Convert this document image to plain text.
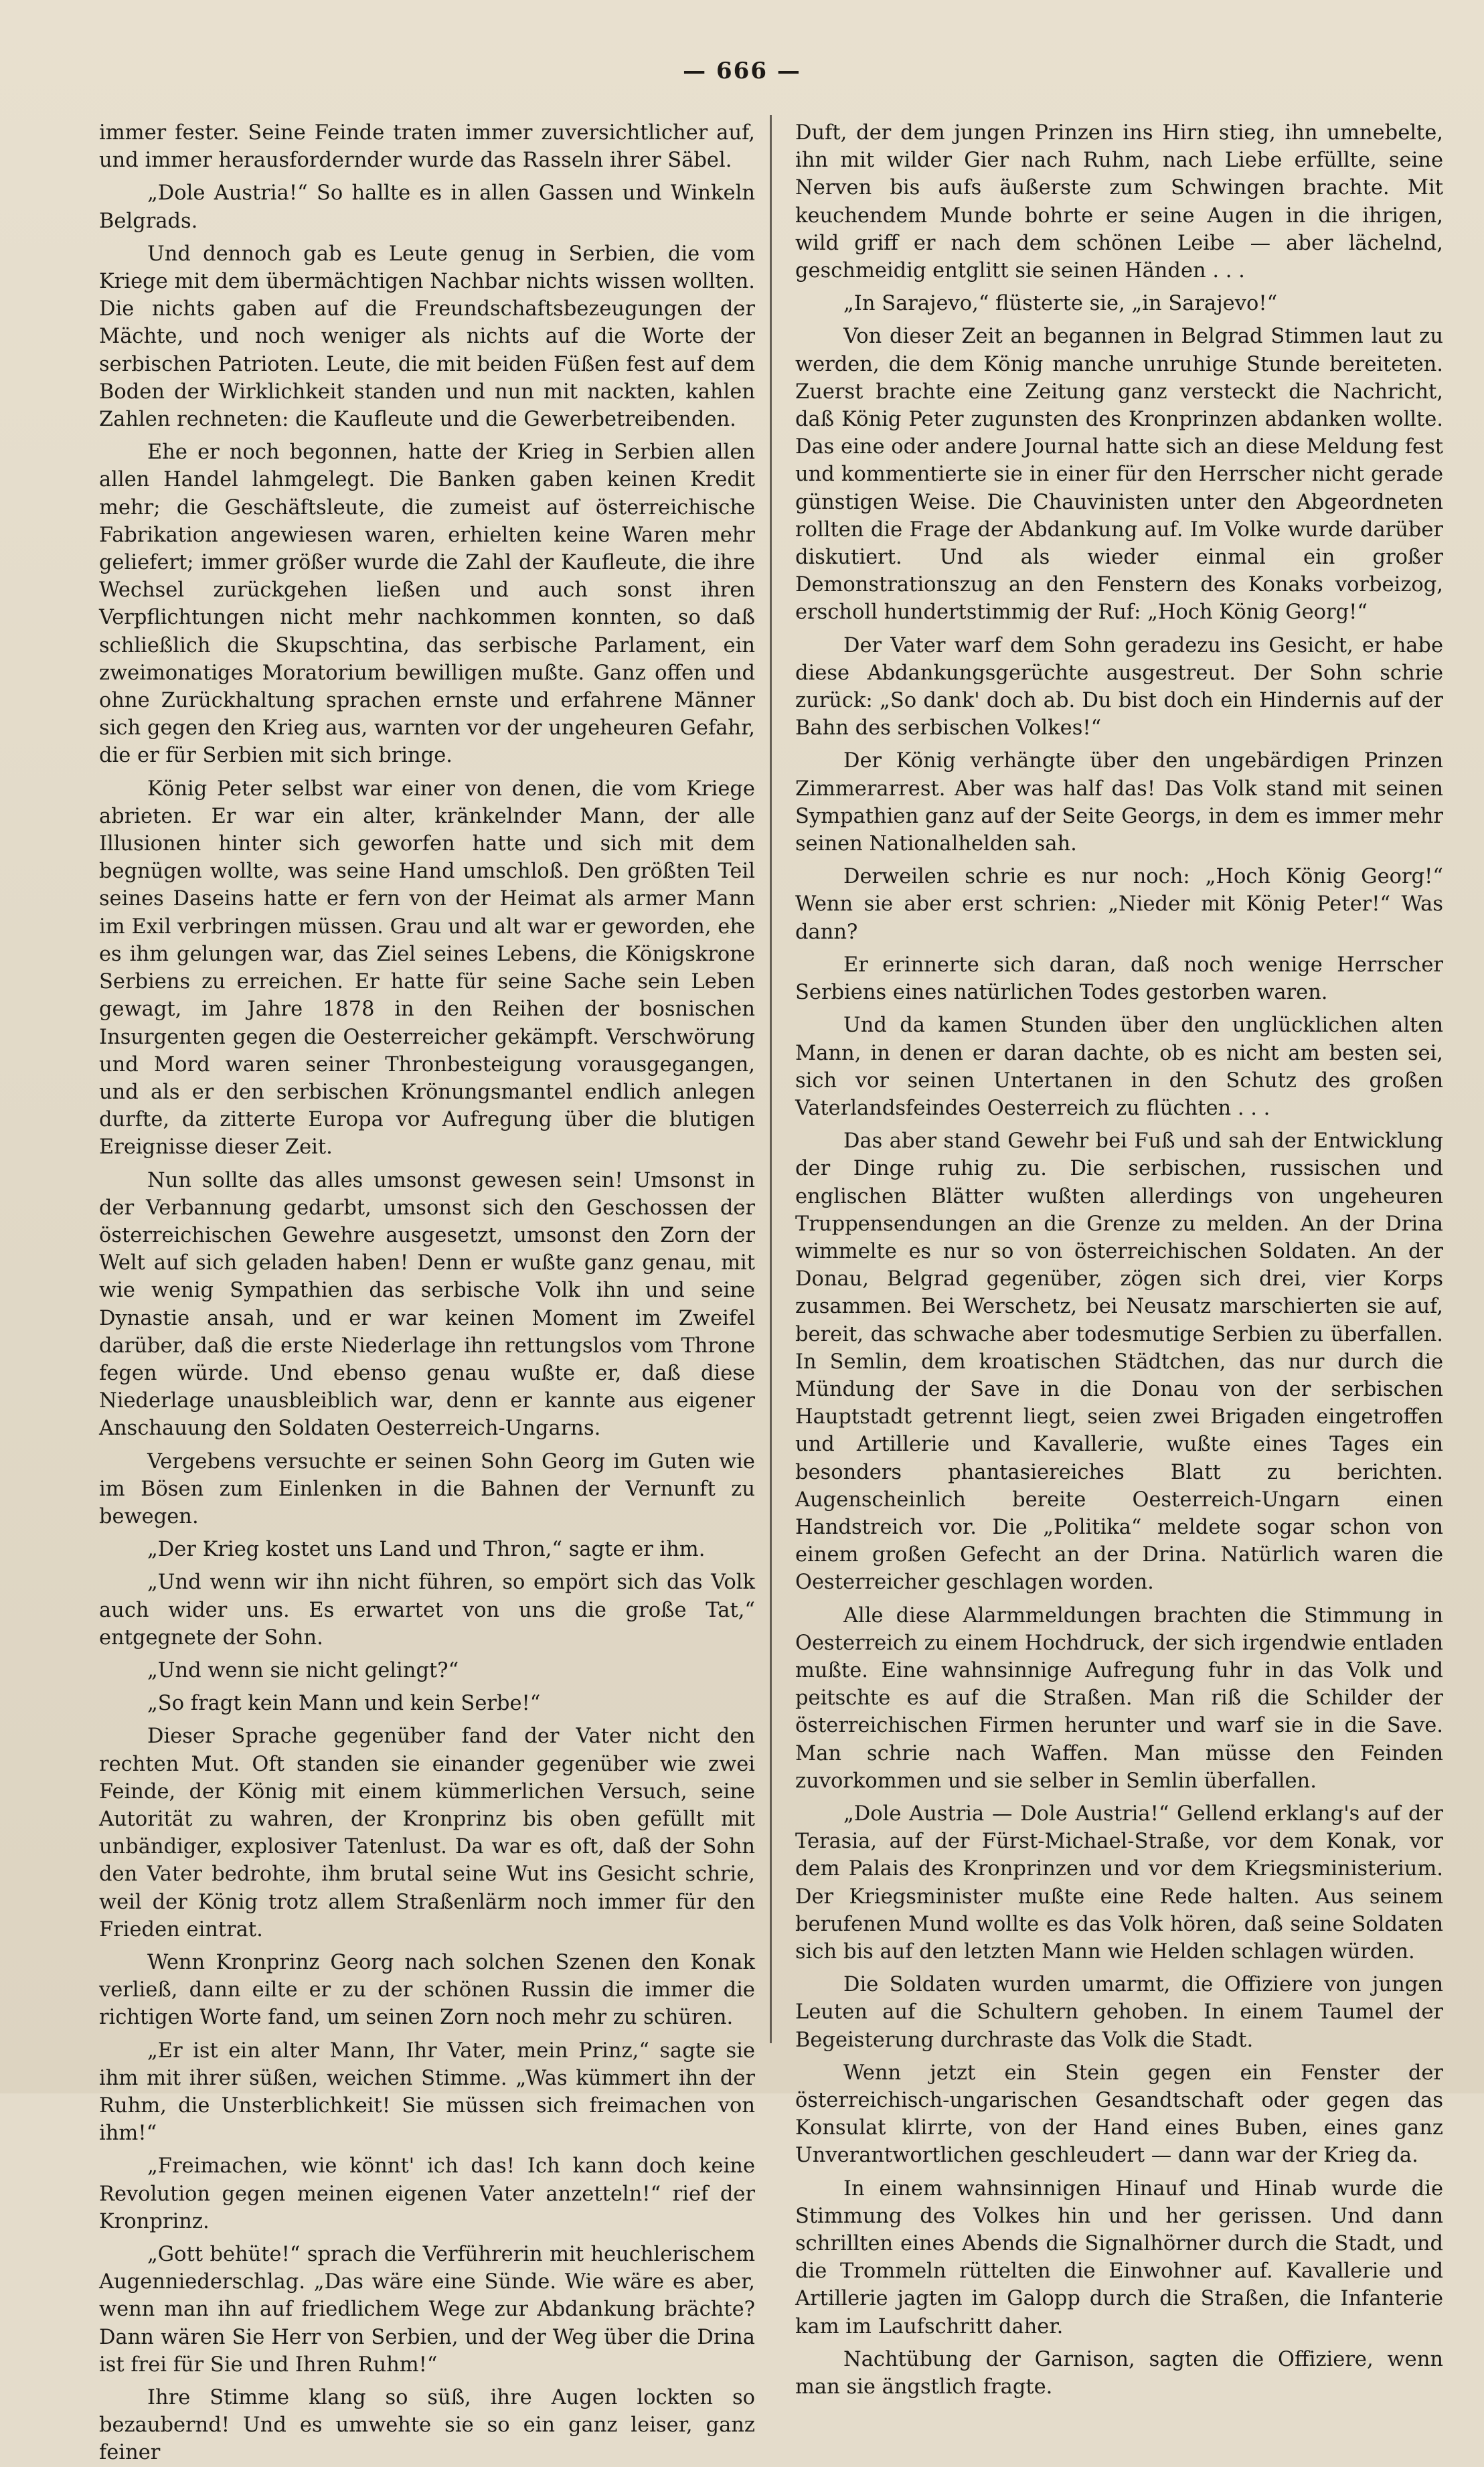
— 666 —

immer fester. Seine Feinde traten immer zuversichtlicher auf, und immer herausfordernder wurde das Rasseln ihrer Säbel.

„Dole Austria!“ So hallte es in allen Gassen und Winkeln Belgrads.

Und dennoch gab es Leute genug in Serbien, die vom Kriege mit dem übermächtigen Nachbar nichts wissen wollten. Die nichts gaben auf die Freundschaftsbezeugungen der Mächte, und noch weniger als nichts auf die Worte der serbischen Patrioten. Leute, die mit beiden Füßen fest auf dem Boden der Wirklichkeit standen und nun mit nackten, kahlen Zahlen rechneten: die Kaufleute und die Gewerbetreibenden.

Ehe er noch begonnen, hatte der Krieg in Serbien allen allen Handel lahmgelegt. Die Banken gaben keinen Kredit mehr; die Geschäftsleute, die zumeist auf österreichische Fabrikation angewiesen waren, erhielten keine Waren mehr geliefert; immer größer wurde die Zahl der Kaufleute, die ihre Wechsel zurückgehen ließen und auch sonst ihren Verpflichtungen nicht mehr nachkommen konnten, so daß schließlich die Skupschtina, das serbische Parlament, ein zweimonatiges Moratorium bewilligen mußte. Ganz offen und ohne Zurückhaltung sprachen ernste und erfahrene Männer sich gegen den Krieg aus, warnten vor der ungeheuren Gefahr, die er für Serbien mit sich bringe.

König Peter selbst war einer von denen, die vom Kriege abrieten. Er war ein alter, kränkelnder Mann, der alle Illusionen hinter sich geworfen hatte und sich mit dem begnügen wollte, was seine Hand umschloß. Den größten Teil seines Daseins hatte er fern von der Heimat als armer Mann im Exil verbringen müssen. Grau und alt war er geworden, ehe es ihm gelungen war, das Ziel seines Lebens, die Königskrone Serbiens zu erreichen. Er hatte für seine Sache sein Leben gewagt, im Jahre 1878 in den Reihen der bosnischen Insurgenten gegen die Oesterreicher gekämpft. Verschwörung und Mord waren seiner Thronbesteigung vorausgegangen, und als er den serbischen Krönungsmantel endlich anlegen durfte, da zitterte Europa vor Aufregung über die blutigen Ereignisse dieser Zeit.

Nun sollte das alles umsonst gewesen sein! Umsonst in der Verbannung gedarbt, umsonst sich den Geschossen der österreichischen Gewehre ausgesetzt, umsonst den Zorn der Welt auf sich geladen haben! Denn er wußte ganz genau, mit wie wenig Sympathien das serbische Volk ihn und seine Dynastie ansah, und er war keinen Moment im Zweifel darüber, daß die erste Niederlage ihn rettungslos vom Throne fegen würde. Und ebenso genau wußte er, daß diese Niederlage unausbleiblich war, denn er kannte aus eigener Anschauung den Soldaten Oesterreich-Ungarns.

Vergebens versuchte er seinen Sohn Georg im Guten wie im Bösen zum Einlenken in die Bahnen der Vernunft zu bewegen.

„Der Krieg kostet uns Land und Thron,“ sagte er ihm.

„Und wenn wir ihn nicht führen, so empört sich das Volk auch wider uns. Es erwartet von uns die große Tat,“ entgegnete der Sohn.

„Und wenn sie nicht gelingt?“

„So fragt kein Mann und kein Serbe!“

Dieser Sprache gegenüber fand der Vater nicht den rechten Mut. Oft standen sie einander gegenüber wie zwei Feinde, der König mit einem kümmerlichen Versuch, seine Autorität zu wahren, der Kronprinz bis oben gefüllt mit unbändiger, explosiver Tatenlust. Da war es oft, daß der Sohn den Vater bedrohte, ihm brutal seine Wut ins Gesicht schrie, weil der König trotz allem Straßenlärm noch immer für den Frieden eintrat.

Wenn Kronprinz Georg nach solchen Szenen den Konak verließ, dann eilte er zu der schönen Russin die immer die richtigen Worte fand, um seinen Zorn noch mehr zu schüren.

„Er ist ein alter Mann, Ihr Vater, mein Prinz,“ sagte sie ihm mit ihrer süßen, weichen Stimme. „Was kümmert ihn der Ruhm, die Unsterblichkeit! Sie müssen sich freimachen von ihm!“

„Freimachen, wie könnt' ich das! Ich kann doch keine Revolution gegen meinen eigenen Vater anzetteln!“ rief der Kronprinz.

„Gott behüte!“ sprach die Verführerin mit heuchlerischem Augenniederschlag. „Das wäre eine Sünde. Wie wäre es aber, wenn man ihn auf friedlichem Wege zur Abdankung brächte? Dann wären Sie Herr von Serbien, und der Weg über die Drina ist frei für Sie und Ihren Ruhm!“

Ihre Stimme klang so süß, ihre Augen lockten so bezaubernd! Und es umwehte sie so ein ganz leiser, ganz feiner

Duft, der dem jungen Prinzen ins Hirn stieg, ihn umnebelte, ihn mit wilder Gier nach Ruhm, nach Liebe erfüllte, seine Nerven bis aufs äußerste zum Schwingen brachte. Mit keuchendem Munde bohrte er seine Augen in die ihrigen, wild griff er nach dem schönen Leibe — aber lächelnd, geschmeidig entglitt sie seinen Händen . . .

„In Sarajevo,“ flüsterte sie, „in Sarajevo!“

Von dieser Zeit an begannen in Belgrad Stimmen laut zu werden, die dem König manche unruhige Stunde bereiteten. Zuerst brachte eine Zeitung ganz versteckt die Nachricht, daß König Peter zugunsten des Kronprinzen abdanken wollte. Das eine oder andere Journal hatte sich an diese Meldung fest und kommentierte sie in einer für den Herrscher nicht gerade günstigen Weise. Die Chauvinisten unter den Abgeordneten rollten die Frage der Abdankung auf. Im Volke wurde darüber diskutiert. Und als wieder einmal ein großer Demonstrationszug an den Fenstern des Konaks vorbeizog, erscholl hundertstimmig der Ruf: „Hoch König Georg!“

Der Vater warf dem Sohn geradezu ins Gesicht, er habe diese Abdankungsgerüchte ausgestreut. Der Sohn schrie zurück: „So dank' doch ab. Du bist doch ein Hindernis auf der Bahn des serbischen Volkes!“

Der König verhängte über den ungebärdigen Prinzen Zimmerarrest. Aber was half das! Das Volk stand mit seinen Sympathien ganz auf der Seite Georgs, in dem es immer mehr seinen Nationalhelden sah.

Derweilen schrie es nur noch: „Hoch König Georg!“ Wenn sie aber erst schrien: „Nieder mit König Peter!“ Was dann?

Er erinnerte sich daran, daß noch wenige Herrscher Serbiens eines natürlichen Todes gestorben waren.

Und da kamen Stunden über den unglücklichen alten Mann, in denen er daran dachte, ob es nicht am besten sei, sich vor seinen Untertanen in den Schutz des großen Vaterlandsfeindes Oesterreich zu flüchten . . .

Das aber stand Gewehr bei Fuß und sah der Entwicklung der Dinge ruhig zu. Die serbischen, russischen und englischen Blätter wußten allerdings von ungeheuren Truppensendungen an die Grenze zu melden. An der Drina wimmelte es nur so von österreichischen Soldaten. An der Donau, Belgrad gegenüber, zögen sich drei, vier Korps zusammen. Bei Werschetz, bei Neusatz marschierten sie auf, bereit, das schwache aber todesmutige Serbien zu überfallen. In Semlin, dem kroatischen Städtchen, das nur durch die Mündung der Save in die Donau von der serbischen Hauptstadt getrennt liegt, seien zwei Brigaden eingetroffen und Artillerie und Kavallerie, wußte eines Tages ein besonders phantasiereiches Blatt zu berichten. Augenscheinlich bereite Oesterreich-Ungarn einen Handstreich vor. Die „Politika“ meldete sogar schon von einem großen Gefecht an der Drina. Natürlich waren die Oesterreicher geschlagen worden.

Alle diese Alarmmeldungen brachten die Stimmung in Oesterreich zu einem Hochdruck, der sich irgendwie entladen mußte. Eine wahnsinnige Aufregung fuhr in das Volk und peitschte es auf die Straßen. Man riß die Schilder der österreichischen Firmen herunter und warf sie in die Save. Man schrie nach Waffen. Man müsse den Feinden zuvorkommen und sie selber in Semlin überfallen.

„Dole Austria — Dole Austria!“ Gellend erklang's auf der Terasia, auf der Fürst-Michael-Straße, vor dem Konak, vor dem Palais des Kronprinzen und vor dem Kriegsministerium. Der Kriegsminister mußte eine Rede halten. Aus seinem berufenen Mund wollte es das Volk hören, daß seine Soldaten sich bis auf den letzten Mann wie Helden schlagen würden.

Die Soldaten wurden umarmt, die Offiziere von jungen Leuten auf die Schultern gehoben. In einem Taumel der Begeisterung durchraste das Volk die Stadt.

Wenn jetzt ein Stein gegen ein Fenster der österreichisch-ungarischen Gesandtschaft oder gegen das Konsulat klirrte, von der Hand eines Buben, eines ganz Unverantwortlichen geschleudert — dann war der Krieg da.

In einem wahnsinnigen Hinauf und Hinab wurde die Stimmung des Volkes hin und her gerissen. Und dann schrillten eines Abends die Signalhörner durch die Stadt, und die Trommeln rüttelten die Einwohner auf. Kavallerie und Artillerie jagten im Galopp durch die Straßen, die Infanterie kam im Laufschritt daher.

Nachtübung der Garnison, sagten die Offiziere, wenn man sie ängstlich fragte.
